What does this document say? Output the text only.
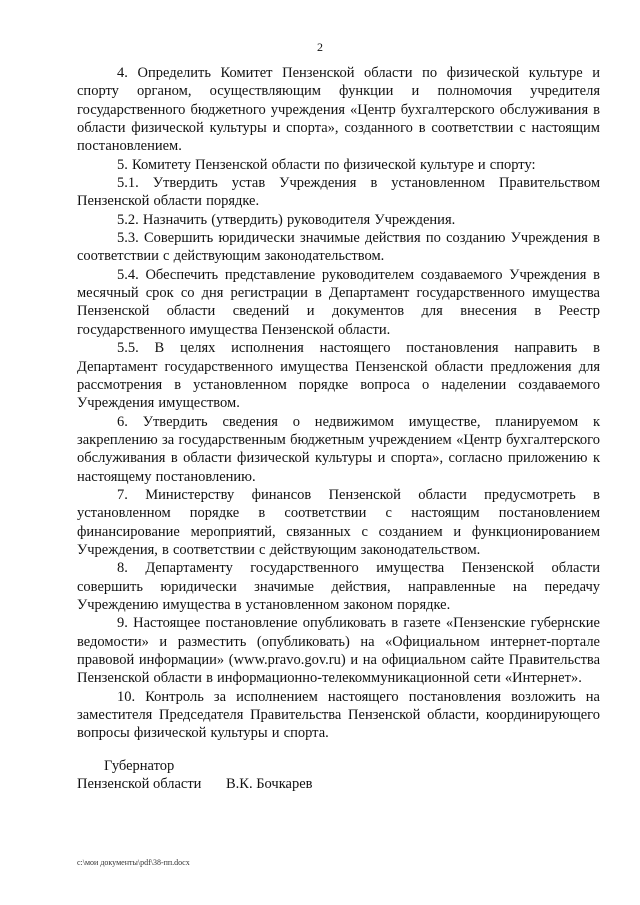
2

4. Определить Комитет Пензенской области по физической культуре и спорту органом, осуществляющим функции и полномочия учредителя государственного бюджетного учреждения «Центр бухгалтерского обслуживания в области физической культуры и спорта», созданного в соответствии с настоящим постановлением.

5. Комитету Пензенской области по физической культуре и спорту:

5.1. Утвердить устав Учреждения в установленном Правительством Пензенской области порядке.

5.2. Назначить (утвердить) руководителя Учреждения.

5.3. Совершить юридически значимые действия по созданию Учреждения в соответствии с действующим законодательством.

5.4. Обеспечить представление руководителем создаваемого Учреждения в месячный срок со дня регистрации в Департамент государственного имущества Пензенской области сведений и документов для внесения в Реестр государственного имущества Пензенской области.

5.5. В целях исполнения настоящего постановления направить в Департамент государственного имущества Пензенской области предложения для рассмотрения в установленном порядке вопроса о наделении создаваемого Учреждения имуществом.

6. Утвердить сведения о недвижимом имуществе, планируемом к закреплению за государственным бюджетным учреждением «Центр бухгалтерского обслуживания в области физической культуры и спорта», согласно приложению к настоящему постановлению.

7. Министерству финансов Пензенской области предусмотреть в установленном порядке в соответствии с настоящим постановлением финансирование мероприятий, связанных с созданием и функционированием Учреждения, в соответствии с действующим законодательством.

8. Департаменту государственного имущества Пензенской области совершить юридически значимые действия, направленные на передачу Учреждению имущества в установленном законом порядке.

9. Настоящее постановление опубликовать в газете «Пензенские губернские ведомости» и разместить (опубликовать) на «Официальном интернет-портале правовой информации» (www.pravo.gov.ru) и на официальном сайте Правительства Пензенской области в информационно-телекоммуникационной сети «Интернет».

10. Контроль за исполнением настоящего постановления возложить на заместителя Председателя Правительства Пензенской области, координирующего вопросы физической культуры и спорта.

Губернатор
Пензенской области В.К. Бочкарев
c:\мои документы\pdf\38-пп.docx
